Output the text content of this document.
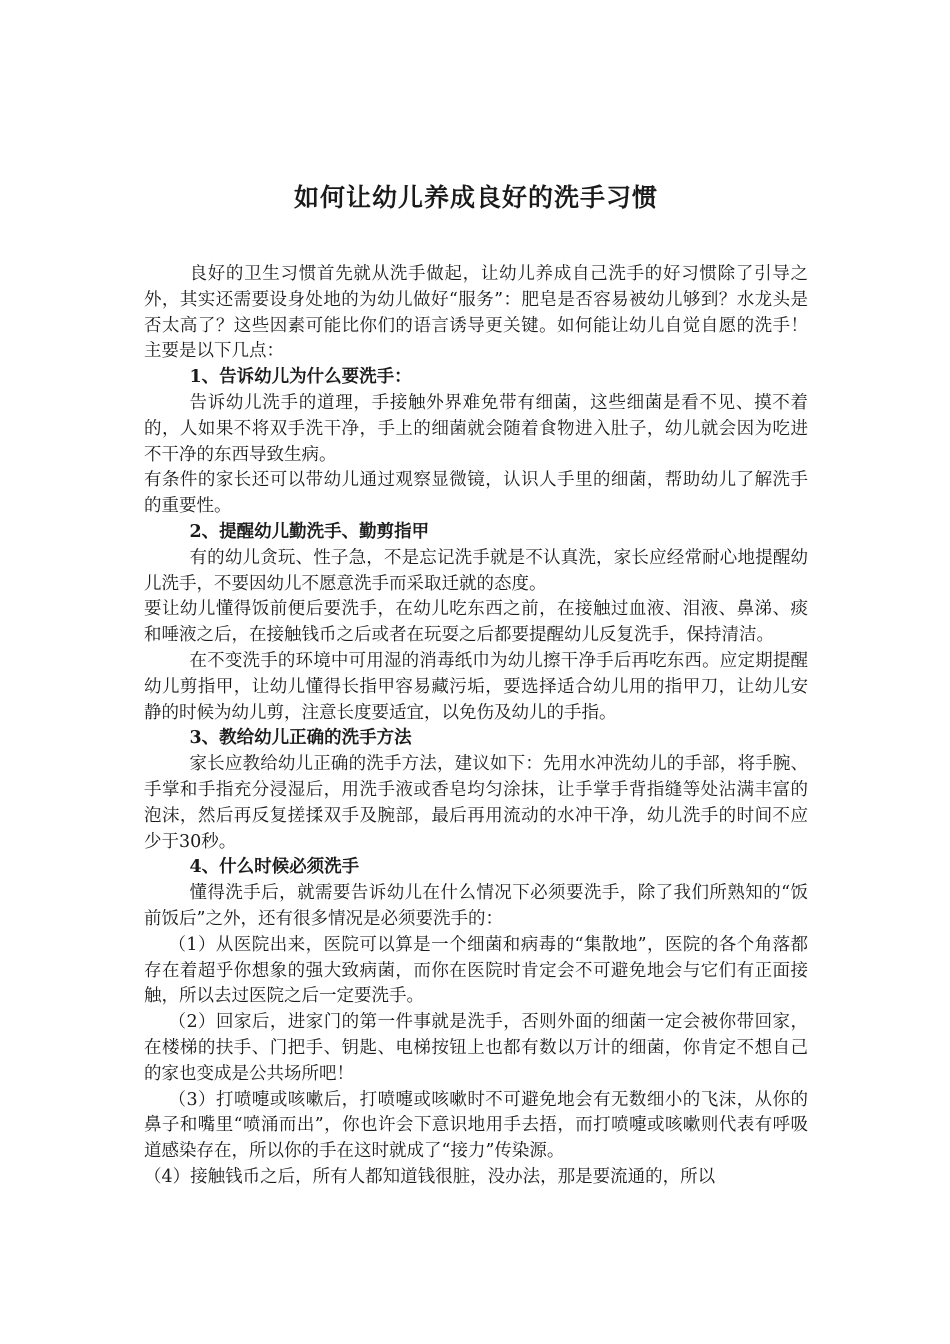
如何让幼儿养成良好的洗手习惯

良好的卫生习惯首先就从洗手做起，让幼儿养成自己洗手的好习惯除了引导之外，其实还需要设身处地的为幼儿做好“服务”：肥皂是否容易被幼儿够到？水龙头是否太高了？这些因素可能比你们的语言诱导更关键。如何能让幼儿自觉自愿的洗手！主要是以下几点：

1、告诉幼儿为什么要洗手：

告诉幼儿洗手的道理，手接触外界难免带有细菌，这些细菌是看不见、摸不着的，人如果不将双手洗干净，手上的细菌就会随着食物进入肚子，幼儿就会因为吃进不干净的东西导致生病。

有条件的家长还可以带幼儿通过观察显微镜，认识人手里的细菌，帮助幼儿了解洗手的重要性。

2、提醒幼儿勤洗手、勤剪指甲

有的幼儿贪玩、性子急，不是忘记洗手就是不认真洗，家长应经常耐心地提醒幼儿洗手，不要因幼儿不愿意洗手而采取迁就的态度。

要让幼儿懂得饭前便后要洗手，在幼儿吃东西之前，在接触过血液、泪液、鼻涕、痰和唾液之后，在接触钱币之后或者在玩耍之后都要提醒幼儿反复洗手，保持清洁。

在不变洗手的环境中可用湿的消毒纸巾为幼儿擦干净手后再吃东西。应定期提醒幼儿剪指甲，让幼儿懂得长指甲容易藏污垢，要选择适合幼儿用的指甲刀，让幼儿安静的时候为幼儿剪，注意长度要适宜，以免伤及幼儿的手指。

3、教给幼儿正确的洗手方法

家长应教给幼儿正确的洗手方法，建议如下：先用水冲洗幼儿的手部，将手腕、手掌和手指充分浸湿后，用洗手液或香皂均匀涂抹，让手掌手背指缝等处沾满丰富的泡沫，然后再反复搓揉双手及腕部，最后再用流动的水冲干净，幼儿洗手的时间不应少于30秒。

4、什么时候必须洗手

懂得洗手后，就需要告诉幼儿在什么情况下必须要洗手，除了我们所熟知的“饭前饭后”之外，还有很多情况是必须要洗手的：

（1）从医院出来，医院可以算是一个细菌和病毒的“集散地”，医院的各个角落都存在着超乎你想象的强大致病菌，而你在医院时肯定会不可避免地会与它们有正面接触，所以去过医院之后一定要洗手。

（2）回家后，进家门的第一件事就是洗手，否则外面的细菌一定会被你带回家，在楼梯的扶手、门把手、钥匙、电梯按钮上也都有数以万计的细菌，你肯定不想自己的家也变成是公共场所吧！

（3）打喷嚏或咳嗽后，打喷嚏或咳嗽时不可避免地会有无数细小的飞沫，从你的鼻子和嘴里“喷涌而出”，你也许会下意识地用手去捂，而打喷嚏或咳嗽则代表有呼吸道感染存在，所以你的手在这时就成了“接力”传染源。

（4）接触钱币之后，所有人都知道钱很脏，没办法，那是要流通的，所以
